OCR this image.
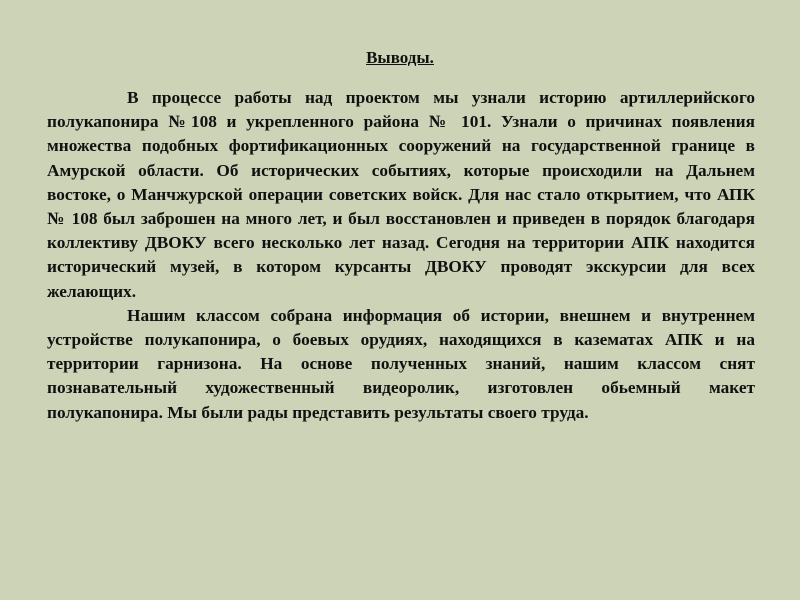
Выводы.

В процессе работы над проектом мы узнали историю артиллерийского полукапонира №108 и укрепленного района № 101. Узнали о причинах появления множества подобных фортификационных сооружений на государственной границе в Амурской области. Об исторических событиях, которые происходили на Дальнем востоке, о Манчжурской операции советских войск. Для нас стало открытием, что АПК № 108 был заброшен на много лет, и был восстановлен и приведен в порядок благодаря коллективу ДВОКУ всего несколько лет назад. Сегодня на территории АПК находится исторический музей, в котором курсанты ДВОКУ проводят экскурсии для всех желающих.

Нашим классом собрана информация об истории, внешнем и внутреннем устройстве полукапонира, о боевых орудиях, находящихся в казематах АПК и на территории гарнизона. На основе полученных знаний, нашим классом снят познавательный художественный видеоролик, изготовлен обьемный макет полукапонира. Мы были рады представить результаты своего труда.
